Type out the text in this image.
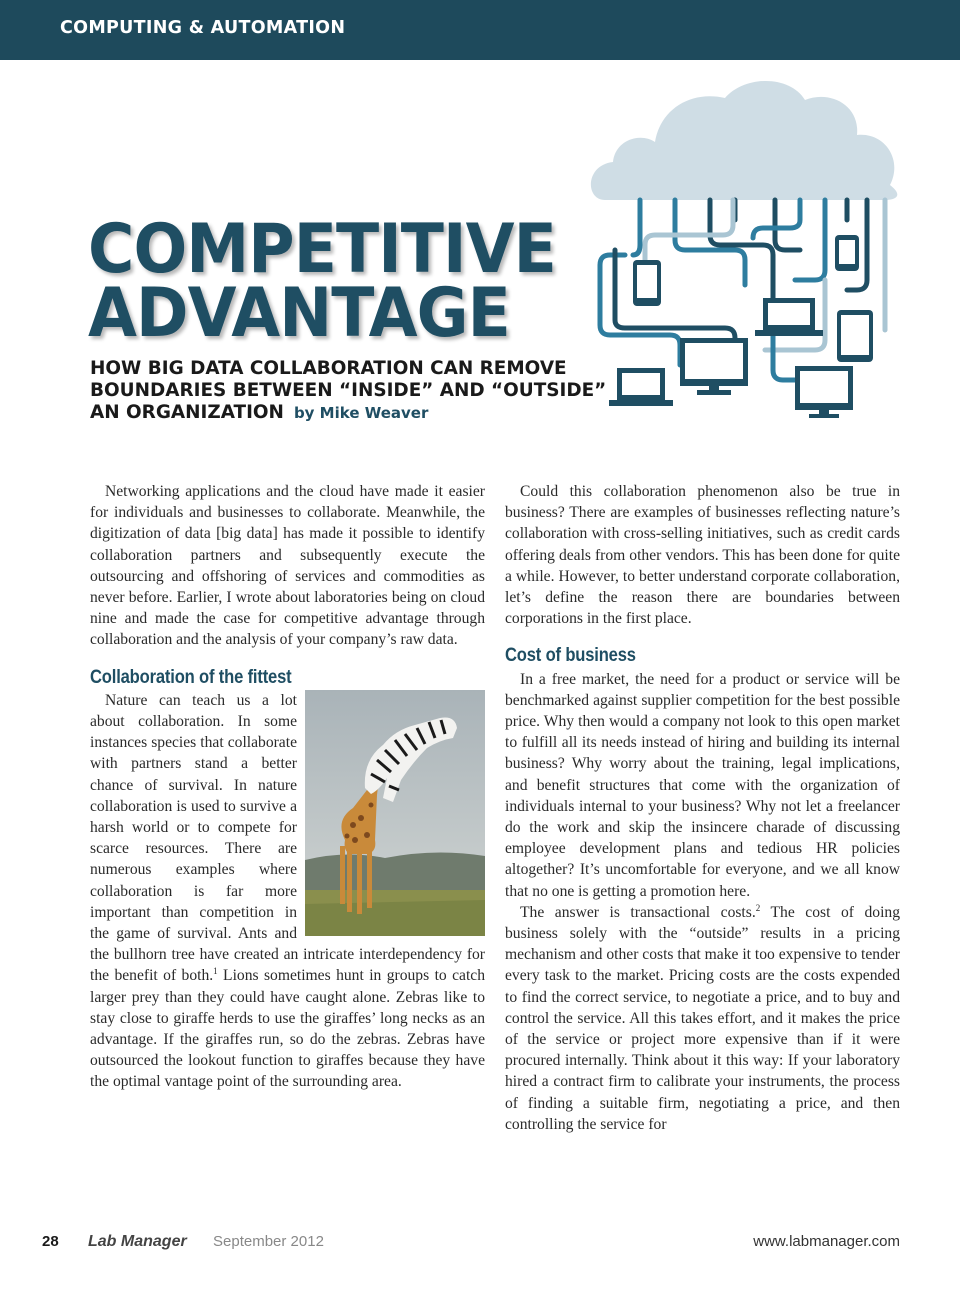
COMPUTING & AUTOMATION
COMPETITIVE
ADVANTAGE
HOW BIG DATA COLLABORATION CAN REMOVE
BOUNDARIES BETWEEN “INSIDE” AND “OUTSIDE”
AN ORGANIZATION by Mike Weaver

Networking applications and the cloud have made it easier for individuals and businesses to collaborate. Meanwhile, the digitization of data [big data] has made it possible to identify collaboration partners and subsequently execute the outsourcing and offshoring of services and commodities as never before. Earlier, I wrote about laboratories being on cloud nine and made the case for competitive advantage through collaboration and the analysis of your company’s raw data.

Collaboration of the fittest

Nature can teach us a lot about collaboration. In some instances species that collaborate with partners stand a better chance of survival. In nature collaboration is used to survive a harsh world or to compete for scarce resources. There are numerous examples where collaboration is far more important than competition in the game of survival. Ants and the bullhorn tree have created an intricate interdependency for the benefit of both.$^1$ Lions sometimes hunt in groups to catch larger prey than they could have caught alone. Zebras like to stay close to giraffe herds to use the giraffes’ long necks as an advantage. If the giraffes run, so do the zebras. Zebras have outsourced the lookout function to giraffes because they have the optimal vantage point of the surrounding area.

Could this collaboration phenomenon also be true in business? There are examples of businesses reflecting nature’s collaboration with cross-selling initiatives, such as credit cards offering deals from other vendors. This has been done for quite a while. However, to better understand corporate collaboration, let’s define the reason there are boundaries between corporations in the first place.

Cost of business

In a free market, the need for a product or service will be benchmarked against supplier competition for the best possible price. Why then would a company not look to this open market to fulfill all its needs instead of hiring and building its internal business? Why worry about the training, legal implications, and benefit structures that come with the organization of individuals internal to your business? Why not let a freelancer do the work and skip the insincere charade of discussing employee development plans and tedious HR policies altogether? It’s uncomfortable for everyone, and we all know that no one is getting a promotion here.

The answer is transactional costs.$^2$ The cost of doing business solely with the “outside” results in a pricing mechanism and other costs that make it too expensive to tender every task to the market. Pricing costs are the costs expended to find the correct service, to negotiate a price, and to buy and control the service. All this takes effort, and it makes the price of the service or project more expensive than if it were procured internally. Think about it this way: If your laboratory hired a contract firm to calibrate your instruments, the process of finding a suitable firm, negotiating a price, and then controlling the service for

28 Lab Manager September 2012	www.labmanager.com
